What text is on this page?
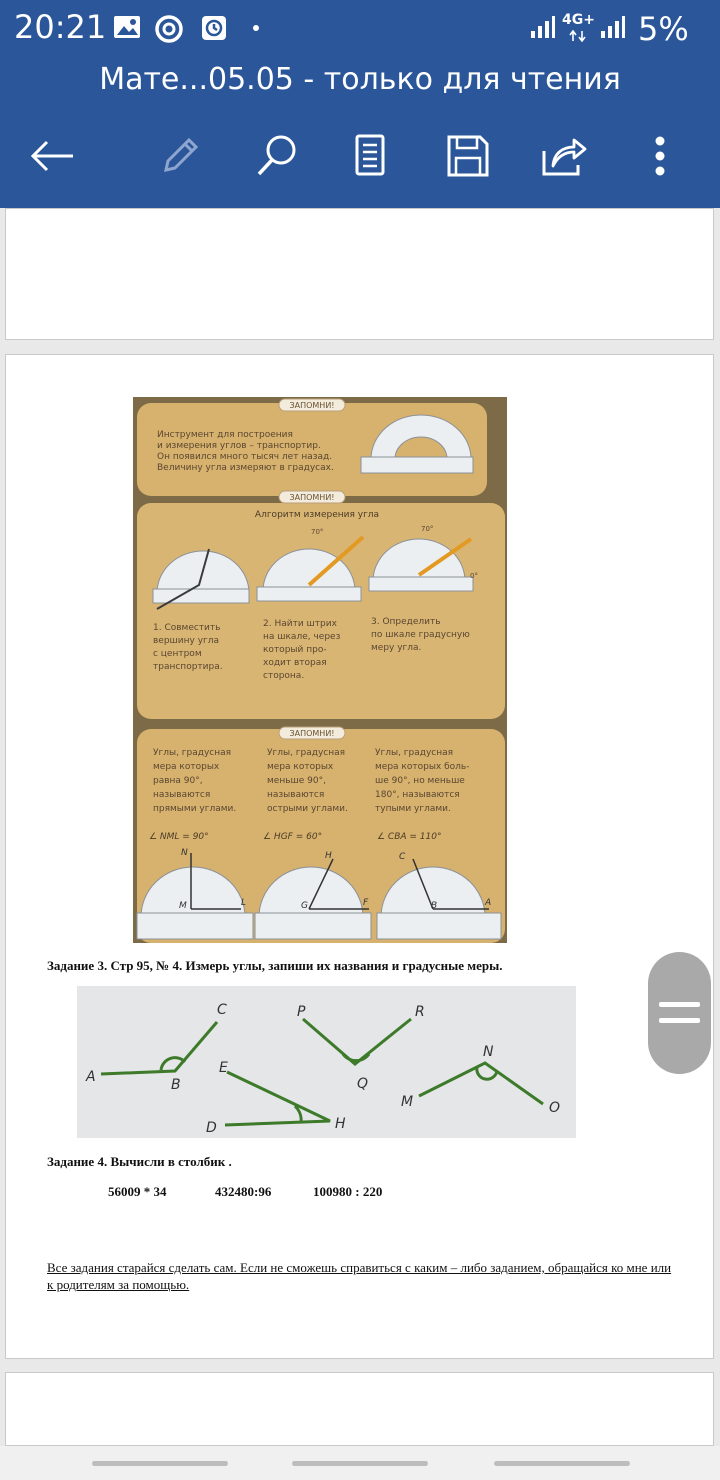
20:21	4G+ 5%
Мате...05.05 - только для чтения
ЗАПОМНИ!
ЗАПОМНИ!
ЗАПОМНИ!
Инструмент для построения и измерения углов – транспортир. Он появился много тысяч лет назад. Величину угла измеряют в градусах.
Алгоритм измерения угла
70°	70°
0°
1. Совместить вершину угла с центром транспортира.
2. Найти штрих на шкале, через который про- ходит вторая сторона.
3. Определить по шкале градусную меру угла.
Углы, градусная мера которых равна 90°, называются прямыми углами.
Углы, градусная мера которых меньше 90°, называются острыми углами.
Углы, градусная мера которых боль- ше 90°, но меньше 180°, называются тупыми углами.
∠ NML = 90°	∠ HGF = 60°	∠ CBA = 110°
N
M	L
H
G	F
C
B	A
Задание 3. Стр 95, № 4. Измерь углы, запиши их названия и градусные меры.
A	B
C	P
Q
R
N
M	O
E
D	H
Задание 4. Вычисли в столбик .
56009 * 34	432480:96	100980 : 220
Все задания старайся сделать сам. Если не сможешь справиться с каким – либо заданием, обращайся ко мне или к родителям за помощью.
